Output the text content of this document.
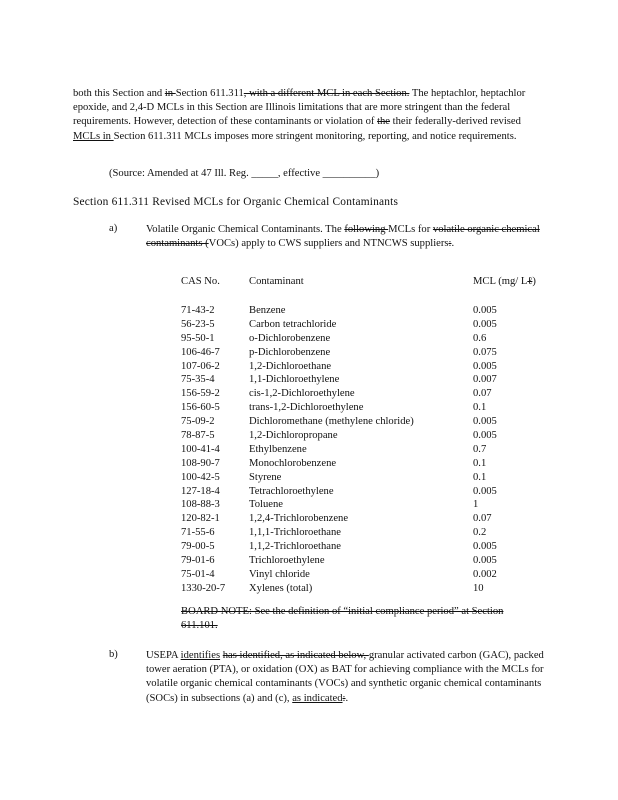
both this Section and in Section 611.311, with a different MCL in each Section. The heptachlor, heptachlor epoxide, and 2,4-D MCLs in this Section are Illinois limitations that are more stringent than the federal requirements. However, detection of these contaminants or violation of the their federally-derived revised MCLs in Section 611.311 MCLs imposes more stringent monitoring, reporting, and notice requirements.
(Source: Amended at 47 Ill. Reg. _____, effective __________)
Section 611.311 Revised MCLs for Organic Chemical Contaminants
a)	Volatile Organic Chemical Contaminants. The following MCLs for volatile organic chemical contaminants (VOCs) apply to CWS suppliers and NTNCWS suppliers:.
CAS No.	Contaminant	MCL (mg/ Lℓ)
71-43-2	Benzene	0.005
56-23-5	Carbon tetrachloride	0.005
95-50-1	o-Dichlorobenzene	0.6
106-46-7	p-Dichlorobenzene	0.075
107-06-2	1,2-Dichloroethane	0.005
75-35-4	1,1-Dichloroethylene	0.007
156-59-2	cis-1,2-Dichloroethylene	0.07
156-60-5	trans-1,2-Dichloroethylene	0.1
75-09-2	Dichloromethane (methylene chloride)	0.005
78-87-5	1,2-Dichloropropane	0.005
100-41-4	Ethylbenzene	0.7
108-90-7	Monochlorobenzene	0.1
100-42-5	Styrene	0.1
127-18-4	Tetrachloroethylene	0.005
108-88-3	Toluene	1
120-82-1	1,2,4-Trichlorobenzene	0.07
71-55-6	1,1,1-Trichloroethane	0.2
79-00-5	1,1,2-Trichloroethane	0.005
79-01-6	Trichloroethylene	0.005
75-01-4	Vinyl chloride	0.002
1330-20-7 Xylenes (total)	10
BOARD NOTE: See the definition of “initial compliance period” at Section 611.101.
b)	USEPA identifies has identified, as indicated below, granular activated carbon (GAC), packed tower aeration (PTA), or oxidation (OX) as BAT for achieving compliance with the MCLs for volatile organic chemical contaminants (VOCs) and synthetic organic chemical contaminants (SOCs) in subsections (a) and (c), as indicated:.
